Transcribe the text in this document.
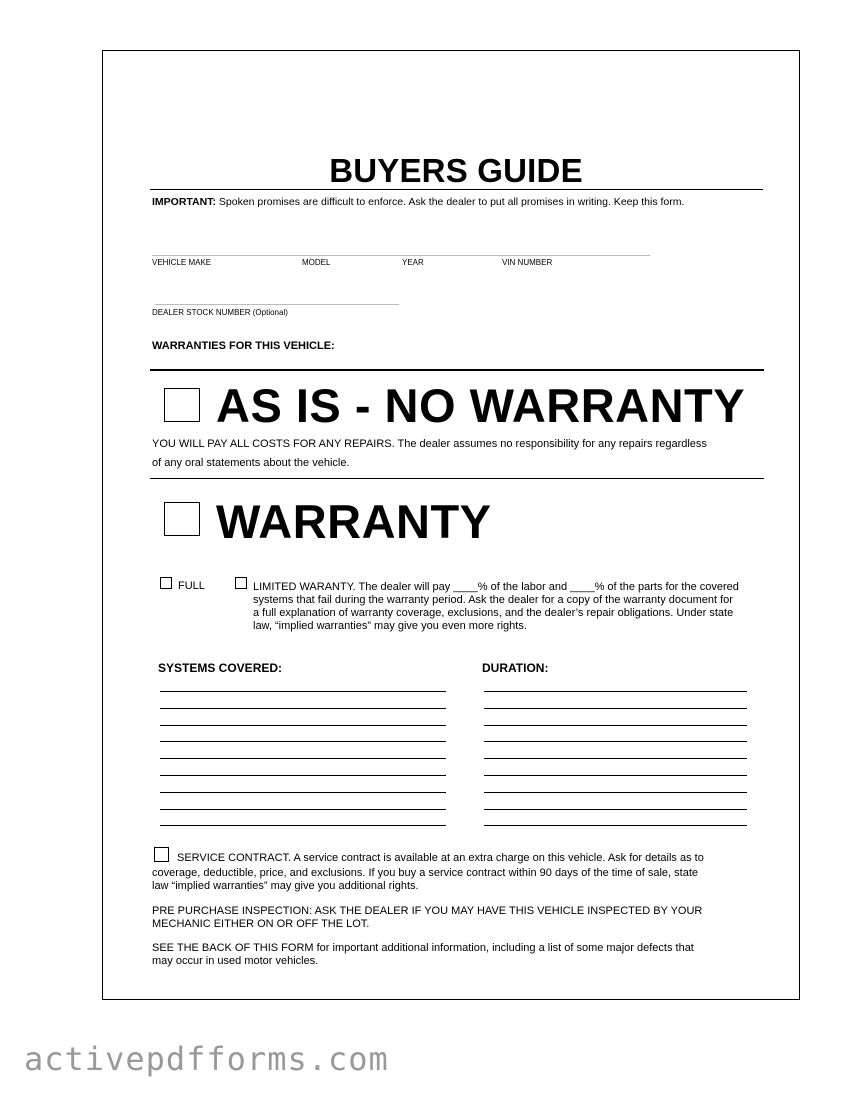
BUYERS GUIDE
IMPORTANT: Spoken promises are difficult to enforce. Ask the dealer to put all promises in writing. Keep this form.
VEHICLE MAKE	MODEL	YEAR	VIN NUMBER
DEALER STOCK NUMBER (Optional)
WARRANTIES FOR THIS VEHICLE:
AS IS - NO WARRANTY
YOU WILL PAY ALL COSTS FOR ANY REPAIRS. The dealer assumes no responsibility for any repairs regardless
of any oral statements about the vehicle.
WARRANTY
FULL	LIMITED WARANTY. The dealer will pay ____% of the labor and ____% of the parts for the covered
systems that fail during the warranty period. Ask the dealer for a copy of the warranty document for
a full explanation of warranty coverage, exclusions, and the dealer’s repair obligations. Under state
law, “implied warranties” may give you even more rights.
SYSTEMS COVERED:	DURATION:
SERVICE CONTRACT. A service contract is available at an extra charge on this vehicle. Ask for details as to
coverage, deductible, price, and exclusions. If you buy a service contract within 90 days of the time of sale, state
law “implied warranties” may give you additional rights.
PRE PURCHASE INSPECTION: ASK THE DEALER IF YOU MAY HAVE THIS VEHICLE INSPECTED BY YOUR
MECHANIC EITHER ON OR OFF THE LOT.
SEE THE BACK OF THIS FORM for important additional information, including a list of some major defects that
may occur in used motor vehicles.
activepdfforms.com
